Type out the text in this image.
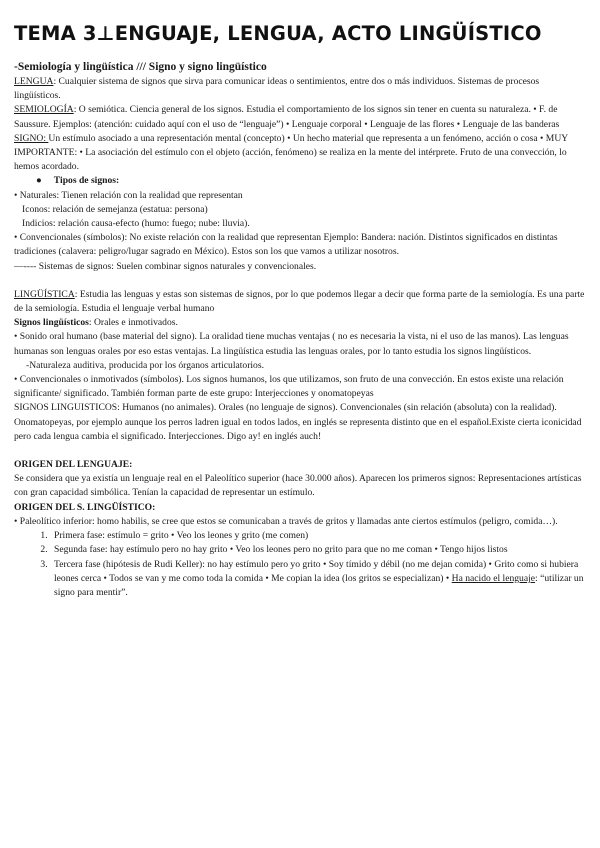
TEMA 3⊥ENGUAJE, LENGUA, ACTO LINGÜÍSTICO
-Semiología y lingüística /// Signo y signo lingüístico

LENGUA: Cualquier sistema de signos que sirva para comunicar ideas o sentimientos, entre dos o más individuos. Sistemas de procesos lingüísticos.

SEMIOLOGÍA: O semiótica. Ciencia general de los signos. Estudia el comportamiento de los signos sin tener en cuenta su naturaleza. • F. de Saussure. Ejemplos: (atención: cuidado aquí con el uso de “lenguaje”) • Lenguaje corporal • Lenguaje de las flores • Lenguaje de las banderas

SIGNO: Un estímulo asociado a una representación mental (concepto) • Un hecho material que representa a un fenómeno, acción o cosa • MUY IMPORTANTE: • La asociación del estímulo con el objeto (acción, fenómeno) se realiza en la mente del intérprete. Fruto de una convección, lo hemos acordado.

●     Tipos de signos:

• Naturales: Tienen relación con la realidad que representan

Iconos: relación de semejanza (estatua: persona)

Indicios: relación causa-efecto (humo: fuego; nube: lluvia).

• Convencionales (símbolos): No existe relación con la realidad que representan Ejemplo: Bandera: nación. Distintos significados en distintas tradiciones (calavera: peligro/lugar sagrado en México). Estos son los que vamos a utilizar nosotros.

—---- Sistemas de signos: Suelen combinar signos naturales y convencionales.

LINGÜÍSTICA: Estudia las lenguas y estas son sistemas de signos, por lo que podemos llegar a decir que forma parte de la semiología. Es una parte de la semiología. Estudia el lenguaje verbal humano

Signos lingüísticos: Orales e inmotivados.

• Sonido oral humano (base material del signo). La oralidad tiene muchas ventajas ( no es necesaria la vista, ni el uso de las manos). Las lenguas humanas son lenguas orales por eso estas ventajas. La lingüística estudia las lenguas orales, por lo tanto estudia los signos lingüísticos.

-Naturaleza auditiva, producida por los órganos articulatorios.

• Convencionales o inmotivados (símbolos). Los signos humanos, los que utilizamos, son fruto de una convección. En estos existe una relación significante/ significado. También forman parte de este grupo: Interjecciones y onomatopeyas

SIGNOS LINGUISTICOS: Humanos (no animales). Orales (no lenguaje de signos). Convencionales (sin relación (absoluta) con la realidad). Onomatopeyas, por ejemplo aunque los perros ladren igual en todos lados, en inglés se representa distinto que en el español.Existe cierta iconicidad pero cada lengua cambia el significado. Interjecciones. Digo ay! en inglés auch!

ORIGEN DEL LENGUAJE:

Se considera que ya existía un lenguaje real en el Paleolítico superior (hace 30.000 años). Aparecen los primeros signos: Representaciones artísticas con gran capacidad simbólica. Tenían la capacidad de representar un estímulo.

ORIGEN DEL S. LINGÜÍSTICO:

• Paleolítico inferior: homo habilis, se cree que estos se comunicaban a través de gritos y llamadas ante ciertos estímulos (peligro, comida…).

1. Primera fase: estímulo = grito • Veo los leones y grito (me comen)
2. Segunda fase: hay estímulo pero no hay grito • Veo los leones pero no grito para que no me coman • Tengo hijos listos
3. Tercera fase (hipótesis de Rudi Keller): no hay estímulo pero yo grito • Soy tímido y débil (no me dejan comida) • Grito como si hubiera leones cerca • Todos se van y me como toda la comida • Me copian la idea (los gritos se especializan) • Ha nacido el lenguaje: “utilizar un signo para mentir”.
